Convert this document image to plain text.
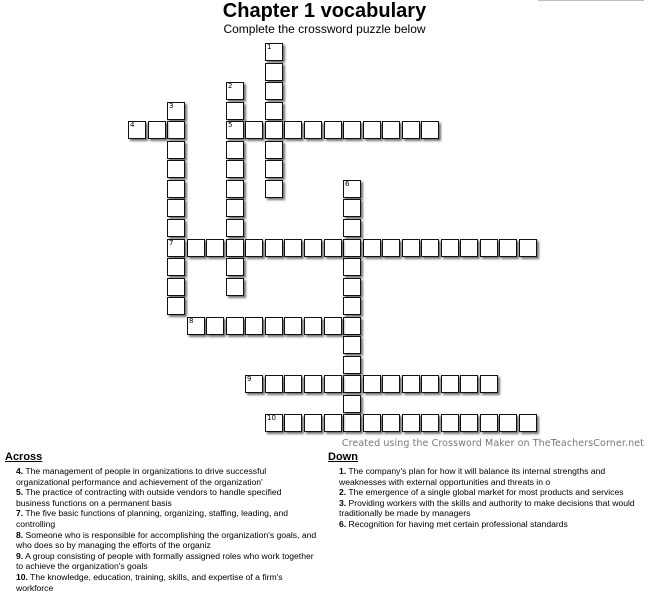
Chapter 1 vocabulary
Complete the crossword puzzle below
1
2
5
3
7
4
6
8
9
10
Created using the Crossword Maker on TheTeachersCorner.net
Across
4. The management of people in organizations to drive successful organizational performance and achievement of the organization'
5. The practice of contracting with outside vendors to handle specified business functions on a permanent basis
7. The five basic functions of planning, organizing, staffing, leading, and controlling
8. Someone who is responsible for accomplishing the organization's goals, and who does so by managing the efforts of the organiz
9. A group consisting of people with formally assigned roles who work together to achieve the organization's goals
10. The knowledge, education, training, skills, and expertise of a firm's workforce
Down
1. The company's plan for how it will balance its internal strengths and weaknesses with external opportunities and threats in o
2. The emergence of a single global market for most products and services
3. Providing workers with the skills and authority to make decisions that would traditionally be made by managers
6. Recognition for having met certain professional standards
